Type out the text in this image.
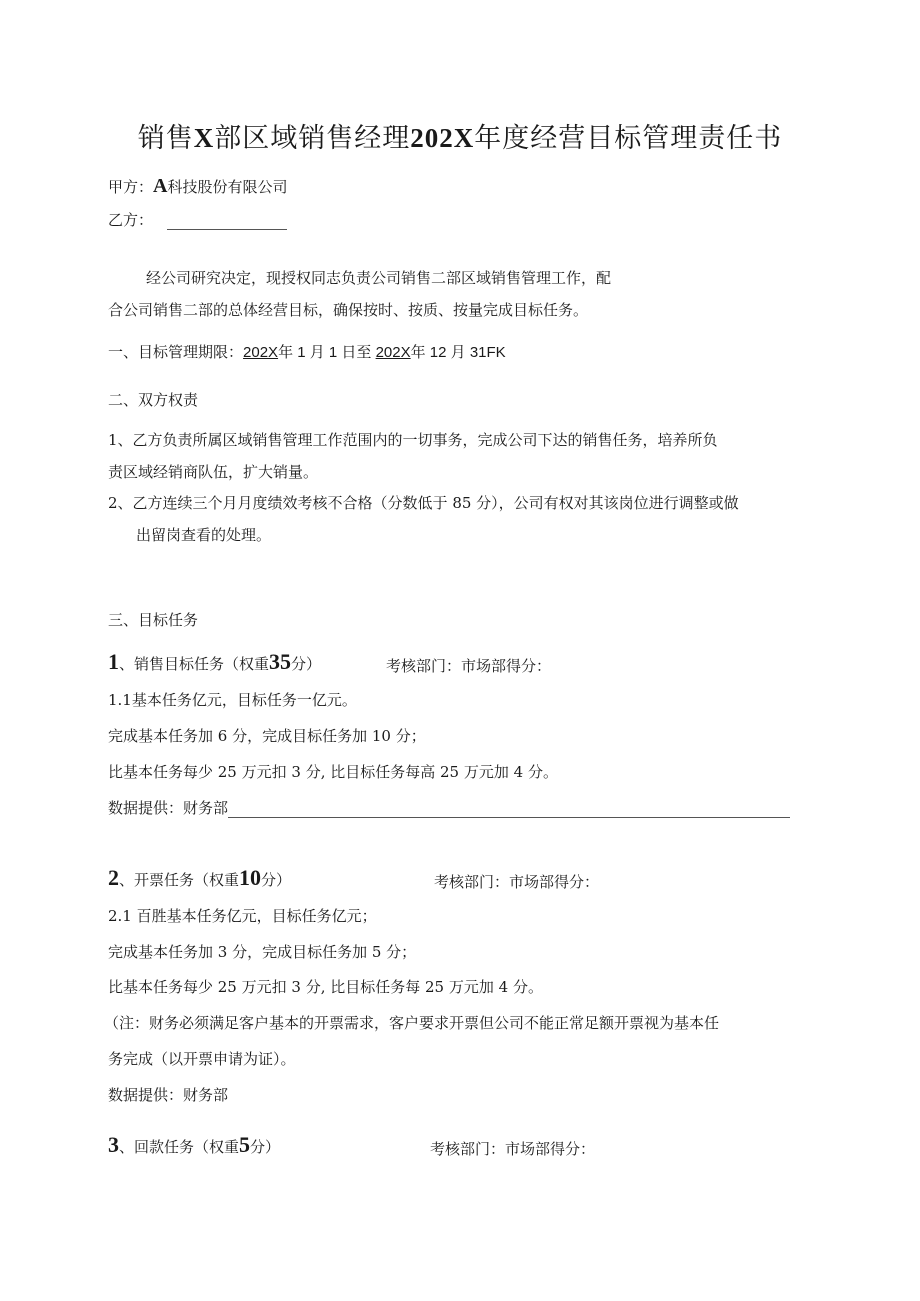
销售X部区域销售经理202X年度经营目标管理责任书
甲方：A科技股份有限公司
乙方：
经公司研究决定，现授权同志负责公司销售二部区域销售管理工作，配
合公司销售二部的总体经营目标，确保按时、按质、按量完成目标任务。
一、目标管理期限：202X年 1 月 1 日至 202X年 12 月 31FK
二、双方权责
1、乙方负责所属区域销售管理工作范围内的一切事务，完成公司下达的销售任务，培养所负
责区域经销商队伍，扩大销量。
2、乙方连续三个月月度绩效考核不合格（分数低于 85 分），公司有权对其该岗位进行调整或做
出留岗查看的处理。
三、目标任务
1、销售目标任务（权重35分）	考核部门：市场部得分：
1.1基本任务亿元，目标任务一亿元。
完成基本任务加 6 分，完成目标任务加 10 分；
比基本任务每少 25 万元扣 3 分, 比目标任务每高 25 万元加 4 分。
数据提供：财务部
2、开票任务（权重10分）	考核部门：市场部得分：
2.1 百胜基本任务亿元，目标任务亿元；
完成基本任务加 3 分，完成目标任务加 5 分；
比基本任务每少 25 万元扣 3 分, 比目标任务每 25 万元加 4 分。
（注：财务必须满足客户基本的开票需求，客户要求开票但公司不能正常足额开票视为基本任
务完成（以开票申请为证）。
数据提供：财务部
3、回款任务（权重5分）	考核部门：市场部得分：
